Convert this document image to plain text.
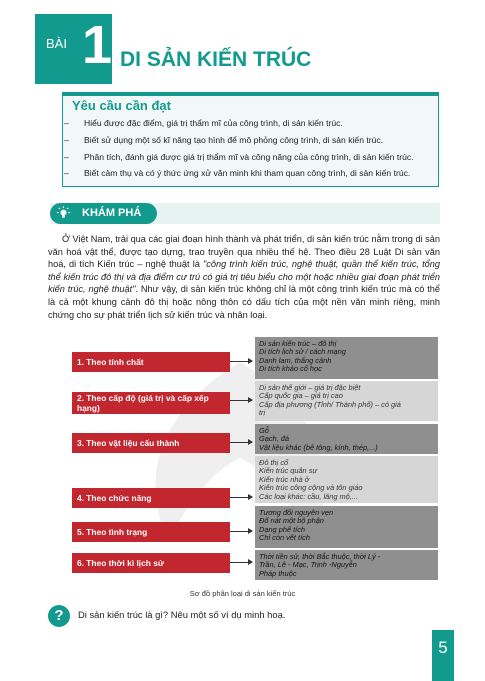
BÀI 1 DI SẢN KIẾN TRÚC
Yêu cầu cần đạt
– Hiểu được đặc điểm, giá trị thẩm mĩ của công trình, di sản kiến trúc.
– Biết sử dụng một số kĩ năng tạo hình để mô phỏng công trình, di sản kiến trúc.
– Phân tích, đánh giá được giá trị thẩm mĩ và công năng của công trình, di sản kiến trúc.
– Biết cảm thụ và có ý thức ứng xử văn minh khi tham quan công trình, di sản kiến trúc.
KHÁM PHÁ

Ở Việt Nam, trải qua các giai đoạn hình thành và phát triển, di sản kiến trúc nằm trong di sản văn hoá vật thể, được tạo dựng, trao truyền qua nhiều thế hệ. Theo điều 28 Luật Di sản văn hoá, di tích Kiến trúc – nghệ thuật là "công trình kiến trúc, nghệ thuật, quần thể kiến trúc, tổng thể kiến trúc đô thị và địa điểm cư trú có giá trị tiêu biểu cho một hoặc nhiều giai đoạn phát triển kiến trúc, nghệ thuật". Như vậy, di sản kiến trúc không chỉ là một công trình kiến trúc mà có thể là cả một khung cảnh đô thị hoặc nông thôn có dấu tích của một nền văn minh riêng, minh chứng cho sự phát triển lịch sử kiến trúc và nhân loại.

1. Theo tính chất
Di sản kiến trúc – đô thị
Di tích lịch sử / cách mạng
Danh lam, thắng cảnh
Di tích khảo cổ học
2. Theo cấp độ (giá trị và cấp xếp hạng)
Di sản thế giới – giá trị đặc biệt
Cấp quốc gia – giá trị cao
Cấp địa phương (Tỉnh/ Thành phố) – có giá
trị
3. Theo vật liệu cấu thành
Gỗ
Gạch, đá
Vật liệu khác (bê tông, kính, thép,...)
4. Theo chức năng
Đô thị cổ
Kiến trúc quân sự
Kiến trúc nhà ở
Kiến trúc công cộng và tôn giáo
Các loại khác: cầu, lăng mộ,...
5. Theo tình trạng
Tương đối nguyên vẹn
Đổ nát một bộ phận
Dạng phế tích
Chỉ còn vết tích
6. Theo thời kì lịch sử
Thời tiền sử, thời Bắc thuộc, thời Lý -
Trần, Lê - Mạc, Trịnh -Nguyễn
Pháp thuộc
Sơ đồ phân loại di sản kiến trúc
?	Di sản kiến trúc là gì? Nêu một số ví dụ minh hoạ.
5
